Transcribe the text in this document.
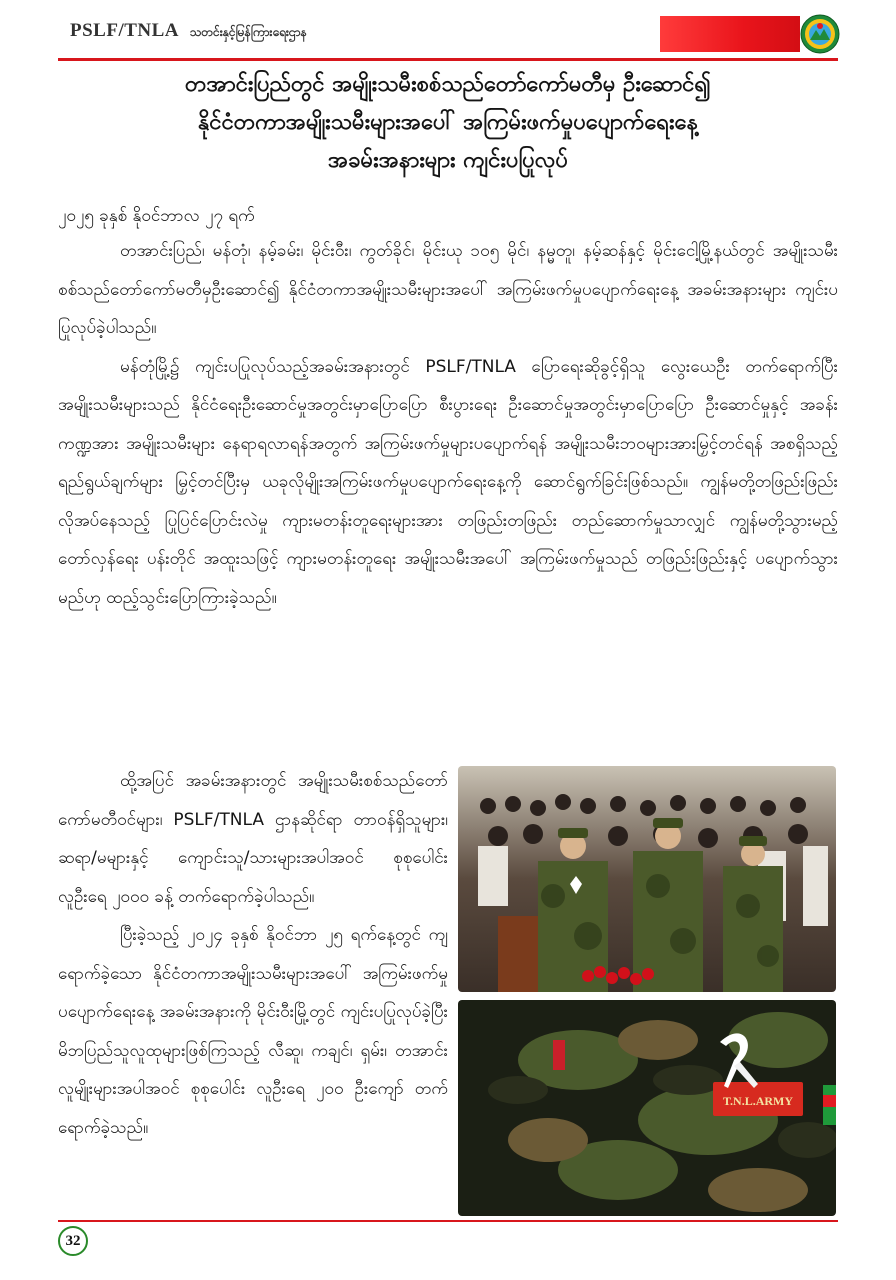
PSLF/TNLA သတင်းနှင့်မြန်ကြားရေးဌာန
တအာင်းပြည်တွင် အမျိုးသမီးစစ်သည်တော်ကော်မတီမှ ဦးဆောင်၍
နိုင်ငံတကာအမျိုးသမီးများအပေါ် အကြမ်းဖက်မှုပပျောက်ရေးနေ့
အခမ်းအနားများ ကျင်းပပြုလုပ်
၂၀၂၅ ခုနှစ် နိုဝင်ဘာလ ၂၇ ရက်

တအာင်းပြည်၊ မန်တုံ၊ နမ့်ခမ်း၊ မိုင်းဝီး၊ ကွတ်ခိုင်၊ မိုင်းယု ၁၀၅ မိုင်၊ နမ္မတူ၊ နမ့်ဆန်နှင့် မိုင်းငေါ့မြို့နယ်တွင် အမျိုးသမီးစစ်သည်တော်ကော်မတီမှဦးဆောင်၍ နိုင်ငံတကာအမျိုးသမီးများအပေါ် အကြမ်းဖက်မှုပပျောက်ရေးနေ့ အခမ်းအနားများ ကျင်းပပြုလုပ်ခဲ့ပါသည်။

မန်တုံမြို့၌ ကျင်းပပြုလုပ်သည့်အခမ်းအနားတွင် PSLF/TNLA ပြောရေးဆိုခွင့်ရှိသူ လွေးယေဦး တက်ရောက်ပြီး အမျိုးသမီးများသည် နိုင်ငံရေးဦးဆောင်မှုအတွင်းမှာပြောပြော စီးပွားရေး ဦးဆောင်မှုအတွင်းမှာပြောပြော ဦးဆောင်မှုနှင့် အခန်းကဏ္ဍအား အမျိုးသမီးများ နေရာရလာရန်အတွက် အကြမ်းဖက်မှုများပပျောက်ရန် အမျိုးသမီးဘဝများအားမြှင့်တင်ရန် အစရှိသည့် ရည်ရွယ်ချက်များ မြှင့်တင်ပြီးမှ ယခုလိုမျိုးအကြမ်းဖက်မှုပပျောက်ရေးနေ့ကို ဆောင်ရွက်ခြင်းဖြစ်သည်။ ကျွန်မတို့တဖြည်းဖြည်း လိုအပ်နေသည့် ပြုပြင်ပြောင်းလဲမှု ကျားမတန်းတူရေးများအား တဖြည်းတဖြည်း တည်ဆောက်မှုသာလျှင် ကျွန်မတို့သွားမည့် တော်လှန်ရေး ပန်းတိုင် အထူးသဖြင့် ကျားမတန်းတူရေး အမျိုးသမီးအပေါ် အကြမ်းဖက်မှုသည် တဖြည်းဖြည်းနှင့် ပပျောက်သွားမည်ဟု ထည့်သွင်းပြောကြားခဲ့သည်။

ထို့အပြင် အခမ်းအနားတွင် အမျိုးသမီးစစ်သည်တော် ကော်မတီဝင်များ၊ PSLF/TNLA ဌာနဆိုင်ရာ တာဝန်ရှိသူများ၊ ဆရာ/မများနှင့် ကျောင်းသူ/သားများအပါအဝင် စုစုပေါင်း လူဦးရေ ၂၀၀၀ ခန့် တက်ရောက်ခဲ့ပါသည်။

ပြီးခဲ့သည့် ၂၀၂၄ ခုနှစ် နိုဝင်ဘာ ၂၅ ရက်နေ့တွင် ကျရောက်ခဲ့သော နိုင်ငံတကာအမျိုးသမီးများအပေါ် အကြမ်းဖက်မှုပပျောက်ရေးနေ့ အခမ်းအနားကို မိုင်းဝီးမြို့တွင် ကျင်းပပြုလုပ်ခဲ့ပြီး မိဘပြည်သူလူထုများဖြစ်ကြသည့် လီဆူ၊ ကချင်၊ ရှမ်း၊ တအာင်းလူမျိုးများအပါအဝင် စုစုပေါင်း လူဦးရေ ၂၀၀ ဦးကျော် တက်ရောက်ခဲ့သည်။

T.N.L.ARMY
32
